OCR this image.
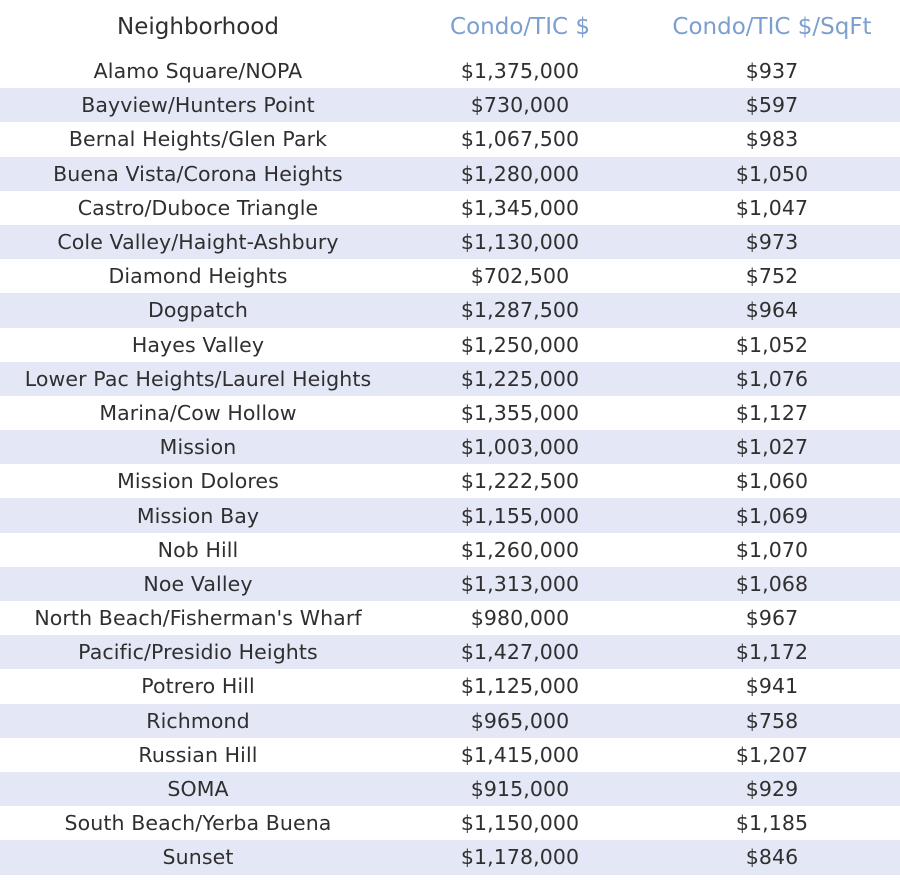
Neighborhood	Condo/TIC $	Condo/TIC $/SqFt
Alamo Square/NOPA	$1,375,000	$937
Bayview/Hunters Point	$730,000	$597
Bernal Heights/Glen Park	$1,067,500	$983
Buena Vista/Corona Heights	$1,280,000	$1,050
Castro/Duboce Triangle	$1,345,000	$1,047
Cole Valley/Haight-Ashbury	$1,130,000	$973
Diamond Heights	$702,500	$752
Dogpatch	$1,287,500	$964
Hayes Valley	$1,250,000	$1,052
Lower Pac Heights/Laurel Heights	$1,225,000	$1,076
Marina/Cow Hollow	$1,355,000	$1,127
Mission	$1,003,000	$1,027
Mission Dolores	$1,222,500	$1,060
Mission Bay	$1,155,000	$1,069
Nob Hill	$1,260,000	$1,070
Noe Valley	$1,313,000	$1,068
North Beach/Fisherman's Wharf	$980,000	$967
Pacific/Presidio Heights	$1,427,000	$1,172
Potrero Hill	$1,125,000	$941
Richmond	$965,000	$758
Russian Hill	$1,415,000	$1,207
SOMA	$915,000	$929
South Beach/Yerba Buena	$1,150,000	$1,185
Sunset	$1,178,000	$846
